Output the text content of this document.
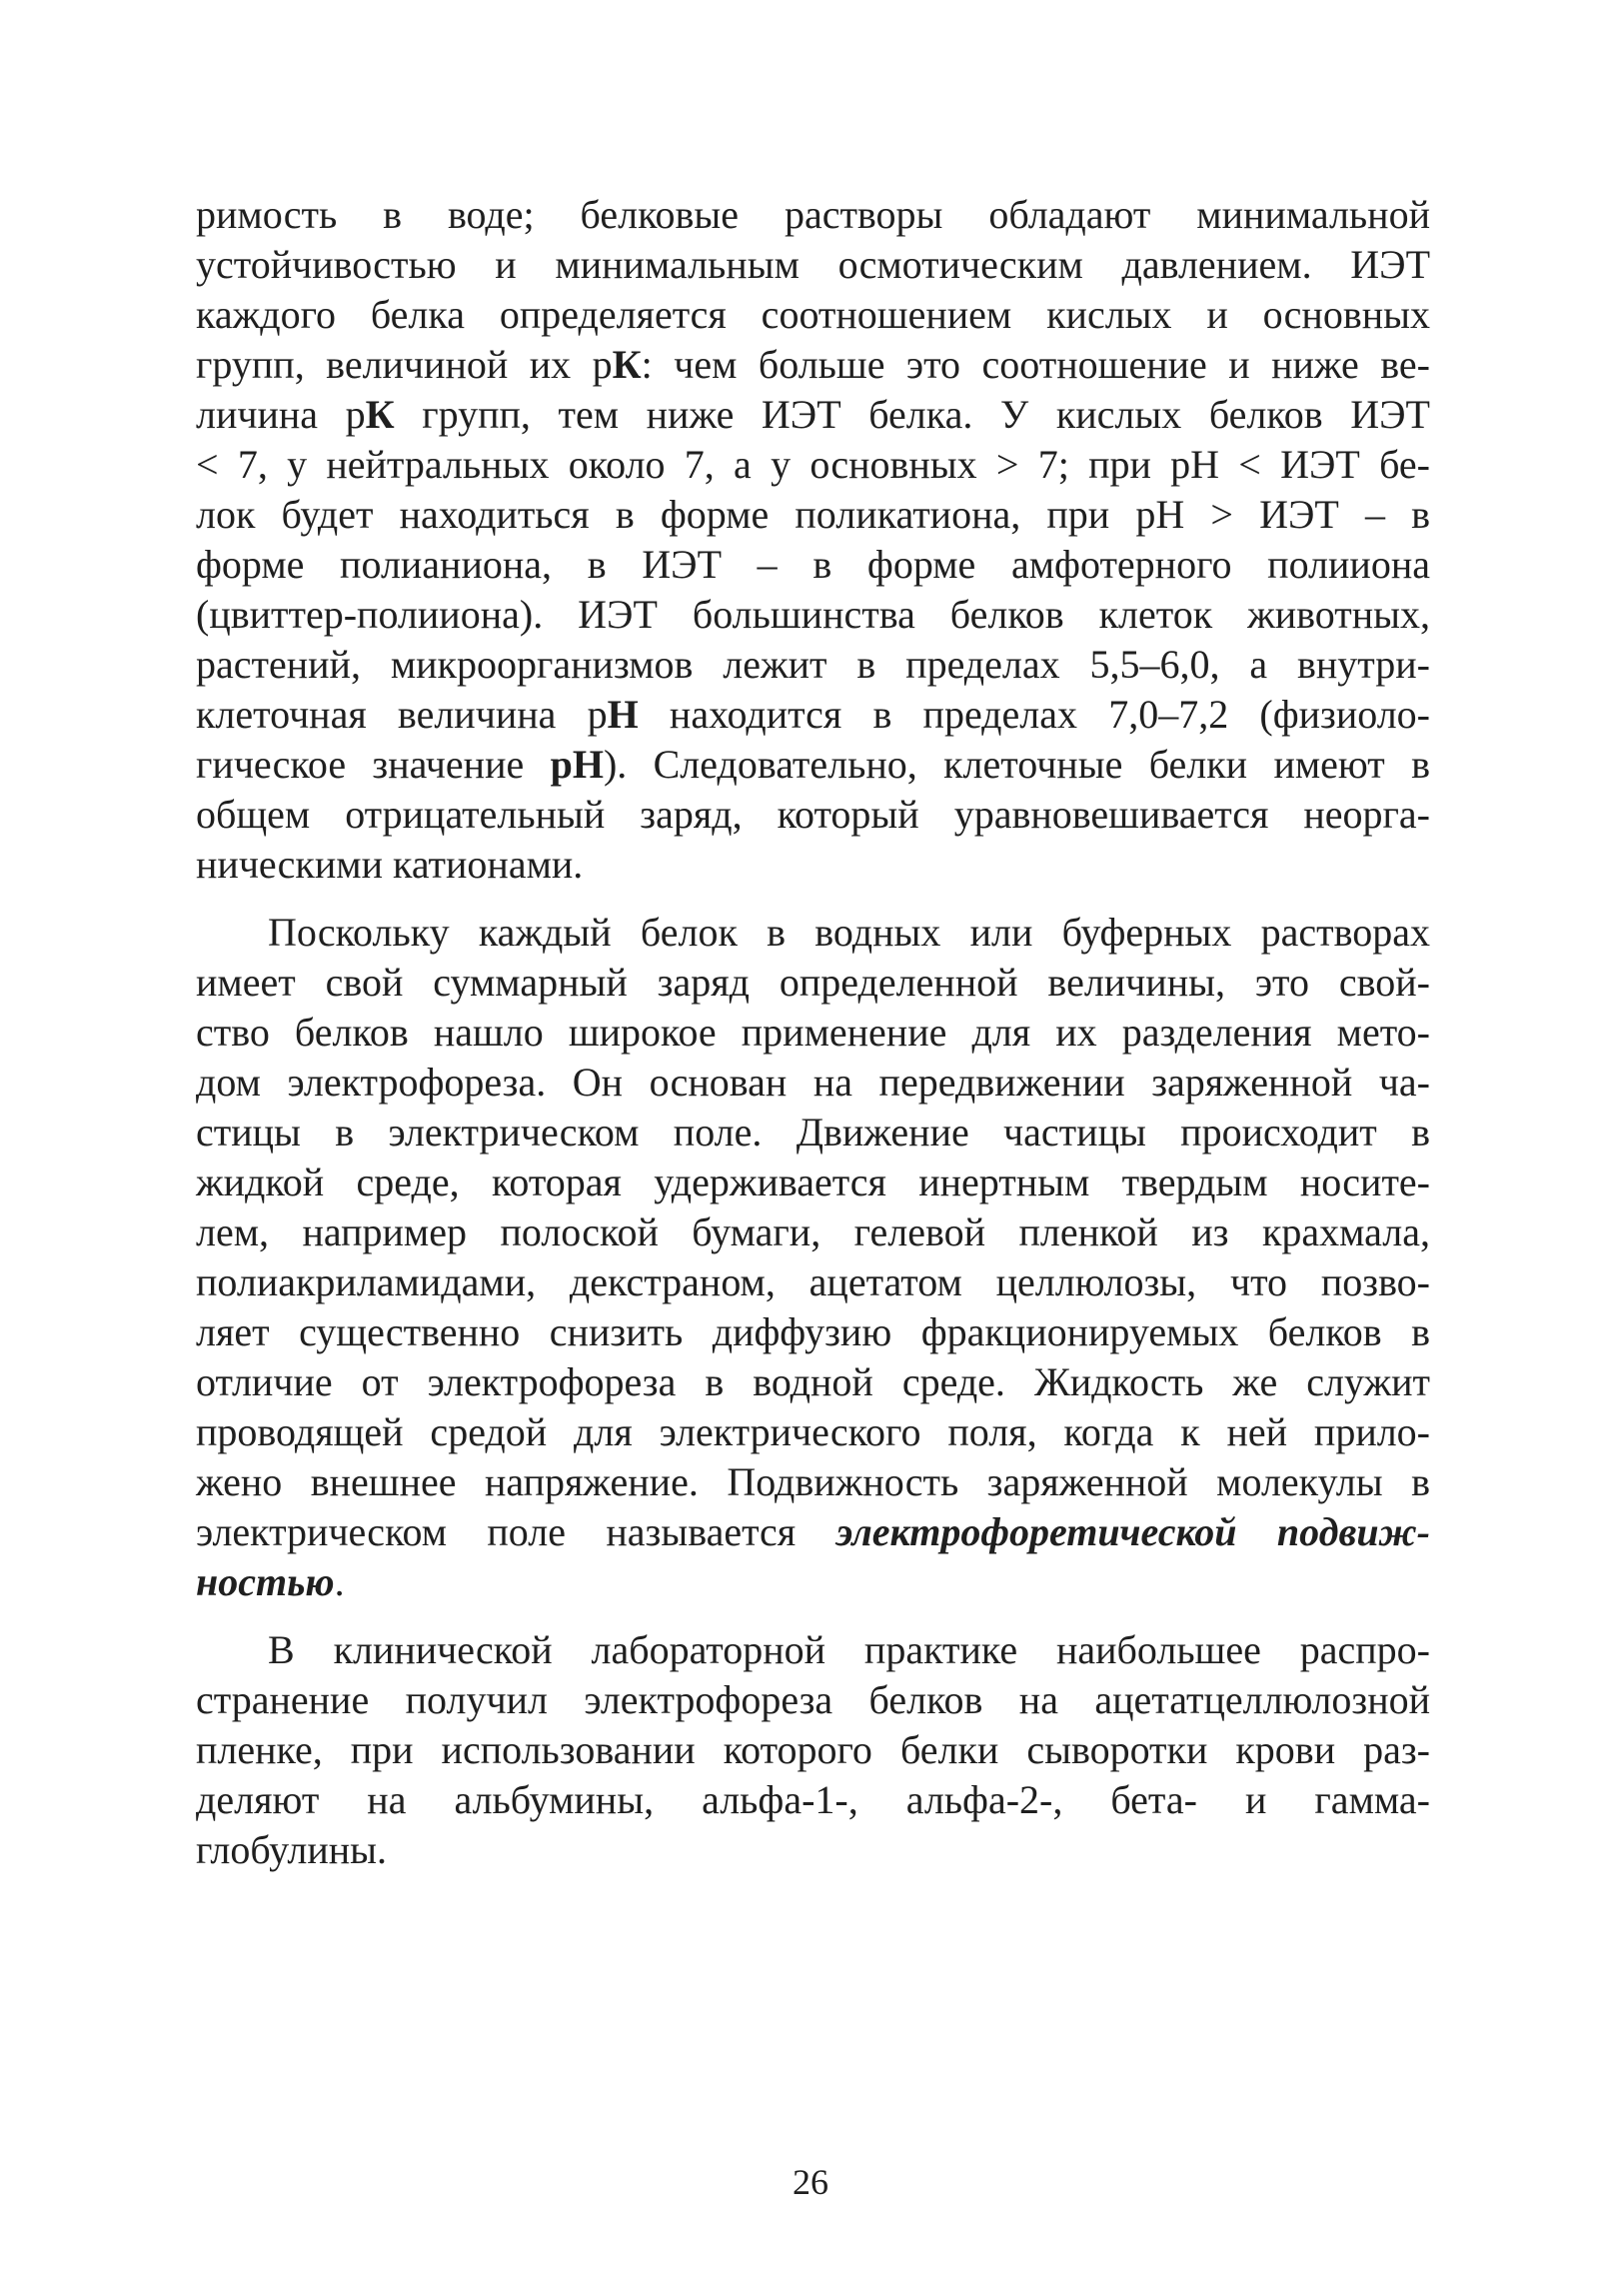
римость в воде; белковые растворы обладают минимальной
устойчивостью и минимальным осмотическим давлением. ИЭТ
каждого белка определяется соотношением кислых и основных
групп, величиной их рК: чем больше это соотношение и ниже ве-
личина рК групп, тем ниже ИЭТ белка. У кислых белков ИЭТ
< 7, у нейтральных около 7, а у основных > 7; при pH < ИЭТ бе-
лок будет находиться в форме поликатиона, при pH > ИЭТ – в
форме полианиона, в ИЭТ – в форме амфотерного полииона
(цвиттер-полииона). ИЭТ большинства белков клеток животных,
растений, микроорганизмов лежит в пределах 5,5–6,0, а внутри-
клеточная величина рН находится в пределах 7,0–7,2 (физиоло-
гическое значение рН). Следовательно, клеточные белки имеют в
общем отрицательный заряд, который уравновешивается неорга-
ническими катионами.
Поскольку каждый белок в водных или буферных растворах
имеет свой суммарный заряд определенной величины, это свой-
ство белков нашло широкое применение для их разделения мето-
дом электрофореза. Он основан на передвижении заряженной ча-
стицы в электрическом поле. Движение частицы происходит в
жидкой среде, которая удерживается инертным твердым носите-
лем, например полоской бумаги, гелевой пленкой из крахмала,
полиакриламидами, декстраном, ацетатом целлюлозы, что позво-
ляет существенно снизить диффузию фракционируемых белков в
отличие от электрофореза в водной среде. Жидкость же служит
проводящей средой для электрического поля, когда к ней прило-
жено внешнее напряжение. Подвижность заряженной молекулы в
электрическом поле называется электрофоретической подвиж-
ностью.
В клинической лабораторной практике наибольшее распро-
странение получил электрофореза белков на ацетатцеллюлозной
пленке, при использовании которого белки сыворотки крови раз-
деляют на альбумины, альфа-1-, альфа-2-, бета- и гамма-
глобулины.
26
